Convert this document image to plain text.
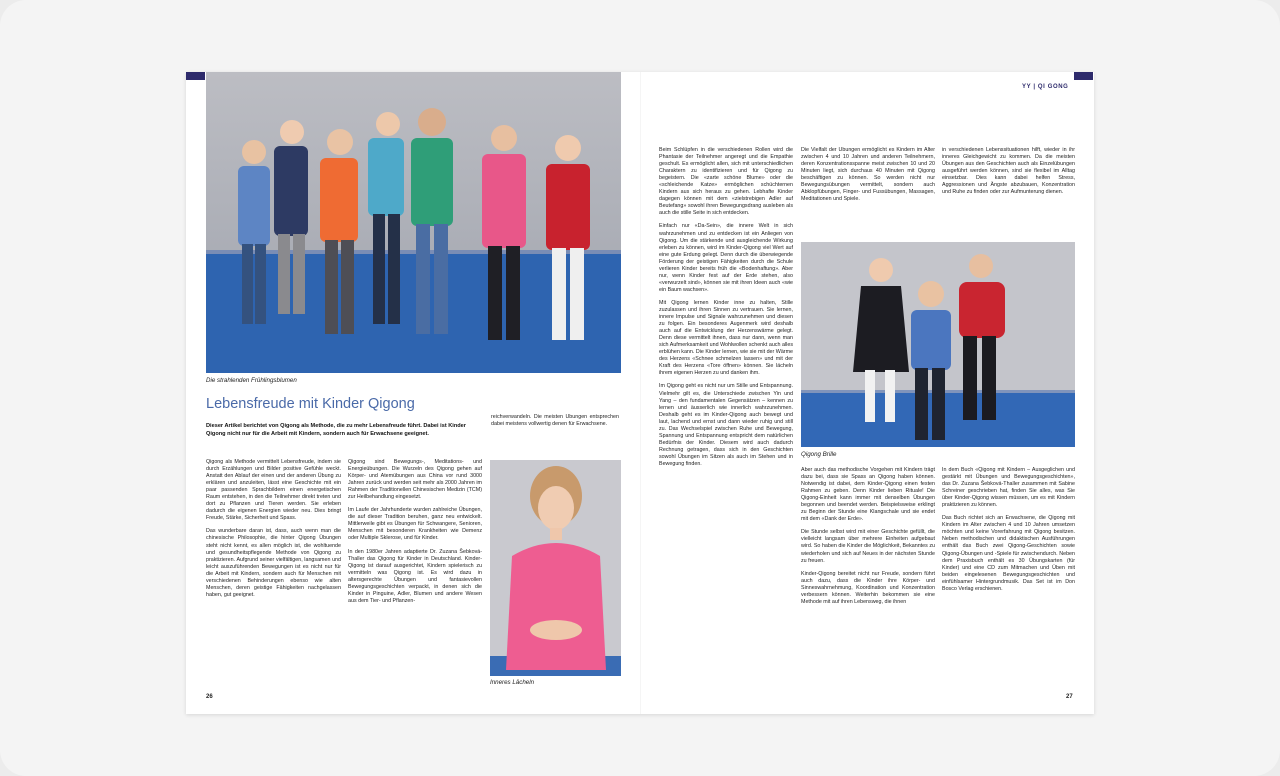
Die strahlenden Frühlingsblumen
Lebensfreude mit Kinder Qigong
Dieser Artikel berichtet von Qigong als Methode, die zu mehr Lebensfreude führt. Dabei ist Kinder Qigong nicht nur für die Arbeit mit Kindern, sondern auch für Erwachsene geeignet.

reichverwandeln. Die meisten Übungen entsprechen dabei meistens vollwertig denen für Erwachsene.

Qigong als Methode vermittelt Lebensfreude, indem sie durch Erzählungen und Bilder positive Gefühle weckt. Anstatt den Ablauf der einen und der anderen Übung zu erklären und anzuleiten, lässt eine Geschichte mit ein paar passenden Sprachbildern einen energetischen Raum entstehen, in den die Teilnehmer direkt treten und dort zu Pflanzen und Tieren werden. Sie erleben dadurch die eigenen Energien wieder neu. Dies bringt Freude, Stärke, Sicherheit und Spass.

Das wunderbare daran ist, dass, auch wenn man die chinesische Philosophie, die hinter Qigong Übungen steht nicht kennt, es allen möglich ist, die wohltuende und gesundheitspflegende Methode von Qigong zu praktizieren. Aufgrund seiner vielfältigen, langsamen und leicht auszuführenden Bewegungen ist es nicht nur für die Arbeit mit Kindern, sondern auch für Menschen mit verschiedenen Behinderungen ebenso wie alten Menschen, deren geistige Fähigkeiten nachgelassen haben, gut geeignet.

Qigong sind Bewegungs-, Meditations- und Energieübungen. Die Wurzeln des Qigong gehen auf Körper- und Atemübungen aus China vor rund 3000 Jahren zurück und werden seit mehr als 2000 Jahren im Rahmen der Traditionellen Chinesischen Medizin (TCM) zur Heilbehandlung eingesetzt.

Im Laufe der Jahrhunderte wurden zahlreiche Übungen, die auf dieser Tradition beruhen, ganz neu entwickelt. Mittlerweile gibt es Übungen für Schwangere, Senioren, Menschen mit besonderen Krankheiten wie Demenz oder Multiple Sklerose, und für Kinder.

In den 1980er Jahren adaptierte Dr. Zuzana Šebková-Thaller das Qigong für Kinder in Deutschland. Kinder-Qigong ist darauf ausgerichtet, Kindern spielerisch zu vermitteln was Qigong ist. Es wird dazu in altersgerechte Übungen und fantasievollen Bewegungsgeschichten verpackt, in denen sich die Kinder in Pinguine, Adler, Blumen und andere Wesen aus dem Tier- und Pflanzen-

Inneres Lächeln
26
YY | QI GONG

Beim Schlüpfen in die verschiedenen Rollen wird die Phantasie der Teilnehmer angeregt und die Empathie geschult. Es ermöglicht allen, sich mit unterschiedlichen Charaktern zu identifizieren und für Qigong zu begeistern. Die «zarte schöne Blume» oder die «schleichende Katze» ermöglichen schüchternen Kindern aus sich heraus zu gehen. Lebhafte Kinder dagegen können mit dem «zielstrebigen Adler auf Beutefang» sowohl ihren Bewegungsdrang ausleben als auch die stille Seite in sich entdecken.

Einfach nur «Da-Sein», die innere Welt in sich wahrzunehmen und zu entdecken ist ein Anliegen von Qigong. Um die stärkende und ausgleichende Wirkung erleben zu können, wird im Kinder-Qigong viel Wert auf eine gute Erdung gelegt. Denn durch die überwiegende Förderung der geistigen Fähigkeiten durch die Schule verlieren Kinder bereits früh die «Bodenhaftung». Aber nur, wenn Kinder fest auf der Erde stehen, also «verwurzelt sind», können sie mit ihren Ideen auch «wie ein Baum wachsen».

Mit Qigong lernen Kinder inne zu halten, Stille zuzulassen und ihren Sinnen zu vertrauen. Sie lernen, innere Impulse und Signale wahrzunehmen und diesen zu folgen. Ein besonderes Augenmerk wird deshalb auch auf die Entwicklung der Herzenswärme gelegt. Denn diese vermittelt ihnen, dass nur dann, wenn man sich Aufmerksamkeit und Wohlwollen schenkt auch alles erblühen kann. Die Kinder lernen, wie sie mit der Wärme des Herzens «Schnee schmelzen lassen» und mit der Kraft des Herzens «Tore öffnen» können. Sie lächeln ihrem eigenen Herzen zu und danken ihm.

Im Qigong geht es nicht nur um Stille und Entspannung. Vielmehr gilt es, die Unterschiede zwischen Yin und Yang – den fundamentalen Gegensätzen – kennen zu lernen und äusserlich wie innerlich wahrzunehmen. Deshalb geht es im Kinder-Qigong auch bewegt und laut, lachend und ernst und dann wieder ruhig und still zu. Das Wechselspiel zwischen Ruhe und Bewegung, Spannung und Entspannung entspricht dem natürlichen Bedürfnis der Kinder. Diesem wird auch dadurch Rechnung getragen, dass sich in den Geschichten sowohl Übungen im Sitzen als auch im Stehen und in Bewegung finden.

Die Vielfalt der Übungen ermöglicht es Kindern im Alter zwischen 4 und 10 Jahren und anderen Teilnehmern, deren Konzentrationsspanne meist zwischen 10 und 20 Minuten liegt, sich durchaus 40 Minuten mit Qigong beschäftigen zu können. So werden nicht nur Bewegungsübungen vermittelt, sondern auch Abklopfübungen, Finger- und Fussübungen, Massagen, Meditationen und Spiele.

in verschiedenen Lebenssituationen hilft, wieder in ihr inneres Gleichgewicht zu kommen. Da die meisten Übungen aus den Geschichten auch als Einzelübungen ausgeführt werden können, sind sie flexibel im Alltag einsetzbar. Dies kann dabei helfen Stress, Aggressionen und Ängste abzubauen, Konzentration und Ruhe zu finden oder zur Aufmunterung dienen.

Qigong Brille

Aber auch das methodische Vorgehen mit Kindern trägt dazu bei, dass sie Spass an Qigong haben können. Notwendig ist dabei, dem Kinder-Qigong einen festen Rahmen zu geben. Denn Kinder lieben Rituale! Die Qigong-Einheit kann immer mit denselben Übungen begonnen und beendet werden. Beispielsweise erklingt zu Beginn der Stunde eine Klangschale und sie endet mit dem «Dank der Erde».

Die Stunde selbst wird mit einer Geschichte gefüllt, die vielleicht langsam über mehrere Einheiten aufgebaut wird. So haben die Kinder die Möglichkeit, Bekanntes zu wiederholen und sich auf Neues in der nächsten Stunde zu freuen.

Kinder-Qigong bereitet nicht nur Freude, sondern führt auch dazu, dass die Kinder ihre Körper- und Sinneswahrnehmung, Koordination und Konzentration verbessern können. Weiterhin bekommen sie eine Methode mit auf ihren Lebensweg, die ihnen

In dem Buch «Qigong mit Kindern – Ausgeglichen und gestärkt mit Übungen und Bewegungsgeschichten», das Dr. Zuzana Šebková-Thaller zusammen mit Sabine Schreiner geschrieben hat, finden Sie alles, was Sie über Kinder-Qigong wissen müssen, um es mit Kindern praktizieren zu können.

Das Buch richtet sich an Erwachsene, die Qigong mit Kindern im Alter zwischen 4 und 10 Jahren umsetzen möchten und keine Vorerfahrung mit Qigong besitzen. Neben methodischen und didaktischen Ausführungen enthält das Buch zwei Qigong-Geschichten sowie Qigong-Übungen und -Spiele für zwischendurch. Neben dem Praxisbuch enthält es 30 Übungskarten (für Kinder) und eine CD zum Mitmachen und Üben mit beiden eingelesenen Bewegungsgeschichten und einfühlsamer Hintergrundmusik. Das Set ist im Don Bosco Verlag erschienen.

27
